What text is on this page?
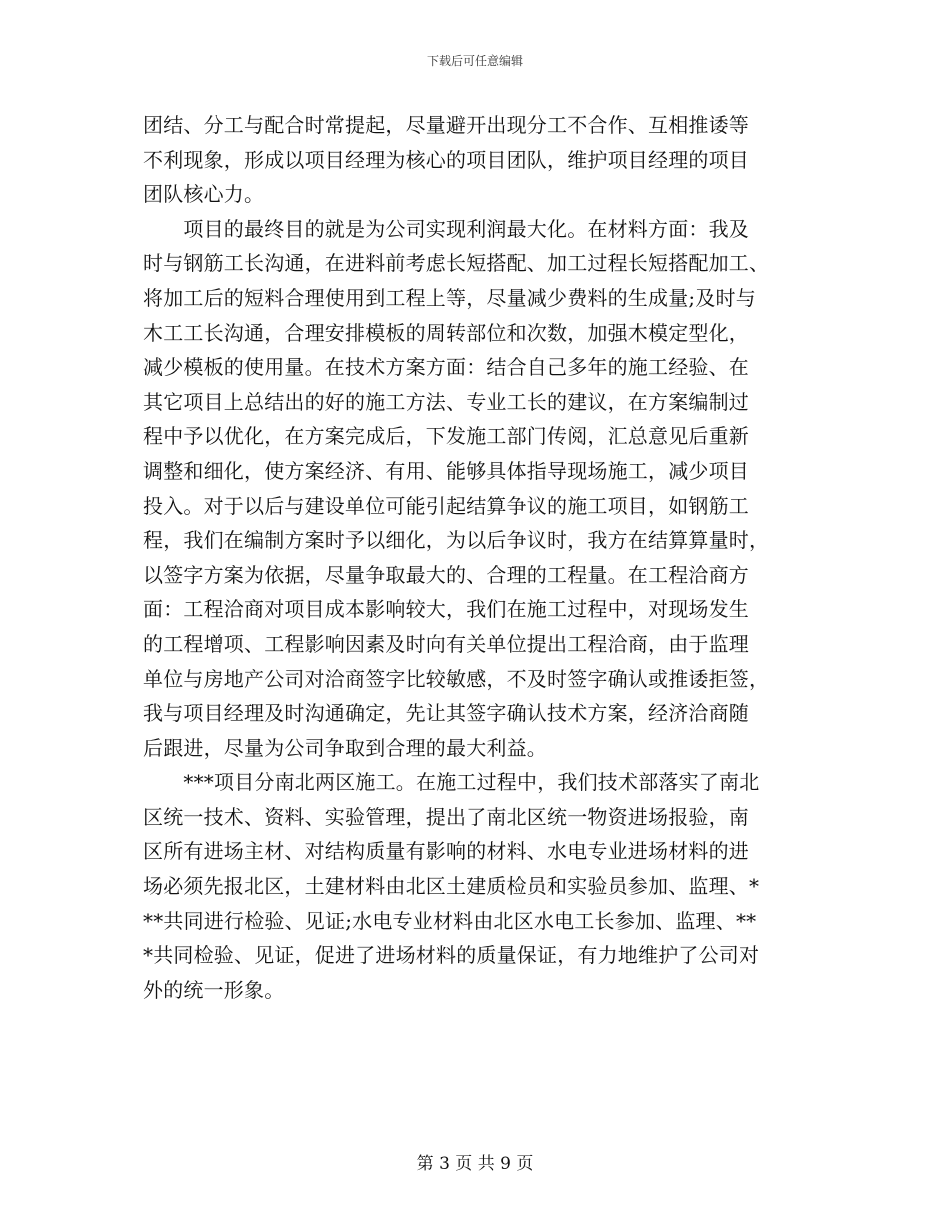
下载后可任意编辑
团结、分工与配合时常提起，尽量避开出现分工不合作、互相推诿等
不利现象，形成以项目经理为核心的项目团队，维护项目经理的项目
团队核心力。
　　项目的最终目的就是为公司实现利润最大化。在材料方面：我及
时与钢筋工长沟通，在进料前考虑长短搭配、加工过程长短搭配加工、
将加工后的短料合理使用到工程上等，尽量减少费料的生成量;及时与
木工工长沟通，合理安排模板的周转部位和次数，加强木模定型化，
减少模板的使用量。在技术方案方面：结合自己多年的施工经验、在
其它项目上总结出的好的施工方法、专业工长的建议，在方案编制过
程中予以优化，在方案完成后，下发施工部门传阅，汇总意见后重新
调整和细化，使方案经济、有用、能够具体指导现场施工，减少项目
投入。对于以后与建设单位可能引起结算争议的施工项目，如钢筋工
程，我们在编制方案时予以细化，为以后争议时，我方在结算算量时，
以签字方案为依据，尽量争取最大的、合理的工程量。在工程洽商方
面：工程洽商对项目成本影响较大，我们在施工过程中，对现场发生
的工程增项、工程影响因素及时向有关单位提出工程洽商，由于监理
单位与房地产公司对洽商签字比较敏感，不及时签字确认或推诿拒签，
我与项目经理及时沟通确定，先让其签字确认技术方案，经济洽商随
后跟进，尽量为公司争取到合理的最大利益。
　　***项目分南北两区施工。在施工过程中，我们技术部落实了南北
区统一技术、资料、实验管理，提出了南北区统一物资进场报验，南
区所有进场主材、对结构质量有影响的材料、水电专业进场材料的进
场必须先报北区，土建材料由北区土建质检员和实验员参加、监理、*
**共同进行检验、见证;水电专业材料由北区水电工长参加、监理、**
*共同检验、见证，促进了进场材料的质量保证，有力地维护了公司对
外的统一形象。
第 3 页 共 9 页
